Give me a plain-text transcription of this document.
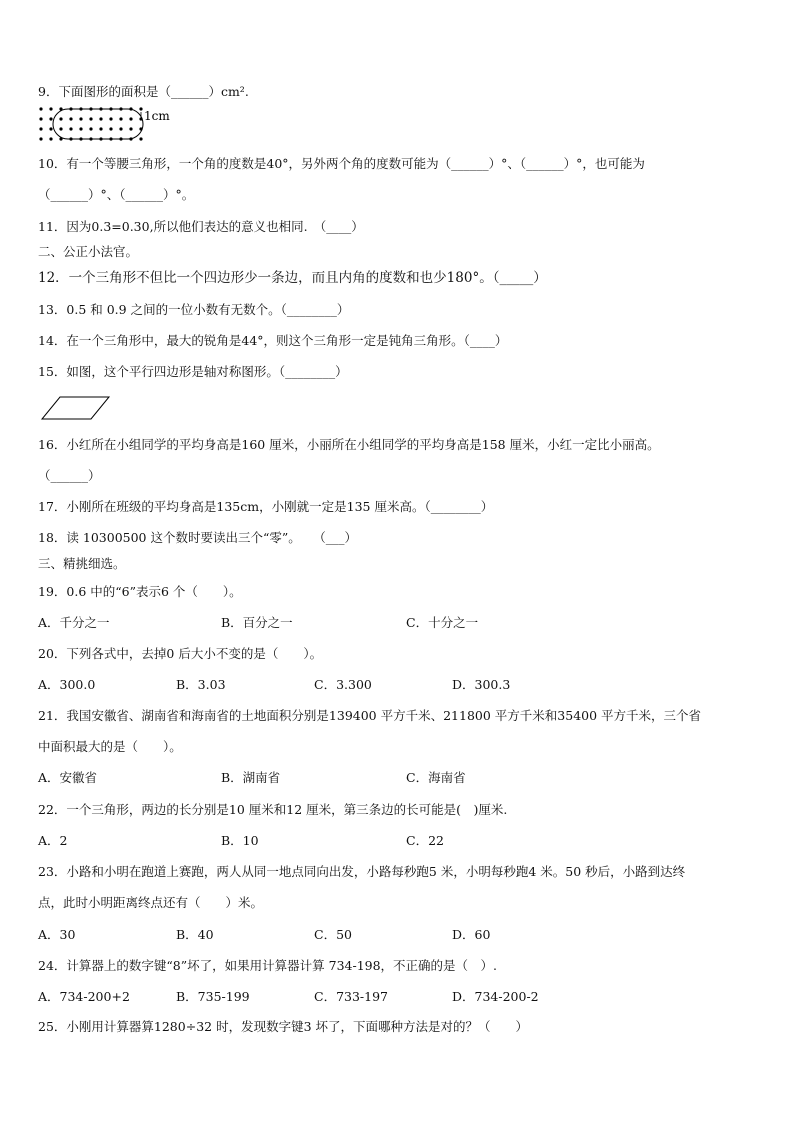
9．下面图形的面积是（______）cm².
1cm
10．有一个等腰三角形，一个角的度数是40°，另外两个角的度数可能为（______）°、（______）°，也可能为
（______）°、（______）°。
11．因为0.3=0.30,所以他们表达的意义也相同.　（____）
二、公正小法官。
12．一个三角形不但比一个四边形少一条边，而且内角的度数和也少180°。（_____）
13．0.5 和 0.9 之间的一位小数有无数个。（________）
14．在一个三角形中，最大的锐角是44°，则这个三角形一定是钝角三角形。（____）
15．如图，这个平行四边形是轴对称图形。（________）
16．小红所在小组同学的平均身高是160 厘米，小丽所在小组同学的平均身高是158 厘米，小红一定比小丽高。
（______）
17．小刚所在班级的平均身高是135cm，小刚就一定是135 厘米高。（________）
18．读 10300500 这个数时要读出三个“零”。　　（___）
三、精挑细选。
19．0.6 中的“6”表示6 个（　　）。
A．千分之一	B．百分之一	C．十分之一
20．下列各式中，去掉0 后大小不变的是（　　）。
A．300.0	B．3.03	C．3.300	D．300.3
21．我国安徽省、湖南省和海南省的土地面积分别是139400 平方千米、211800 平方千米和35400 平方千米，三个省
中面积最大的是（　　）。
A．安徽省	B．湖南省	C．海南省
22．一个三角形，两边的长分别是10 厘米和12 厘米，第三条边的长可能是(　)厘米.
A．2	B．10	C．22
23．小路和小明在跑道上赛跑，两人从同一地点同向出发，小路每秒跑5 米，小明每秒跑4 米。50 秒后，小路到达终
点，此时小明距离终点还有（　　）米。
A．30	B．40	C．50	D．60
24．计算器上的数字键“8”坏了，如果用计算器计算 734-198，不正确的是（　）.
A．734-200+2	B．735-199	C．733-197	D．734-200-2
25．小刚用计算器算1280÷32 时，发现数字键3 坏了，下面哪种方法是对的？（　　）
